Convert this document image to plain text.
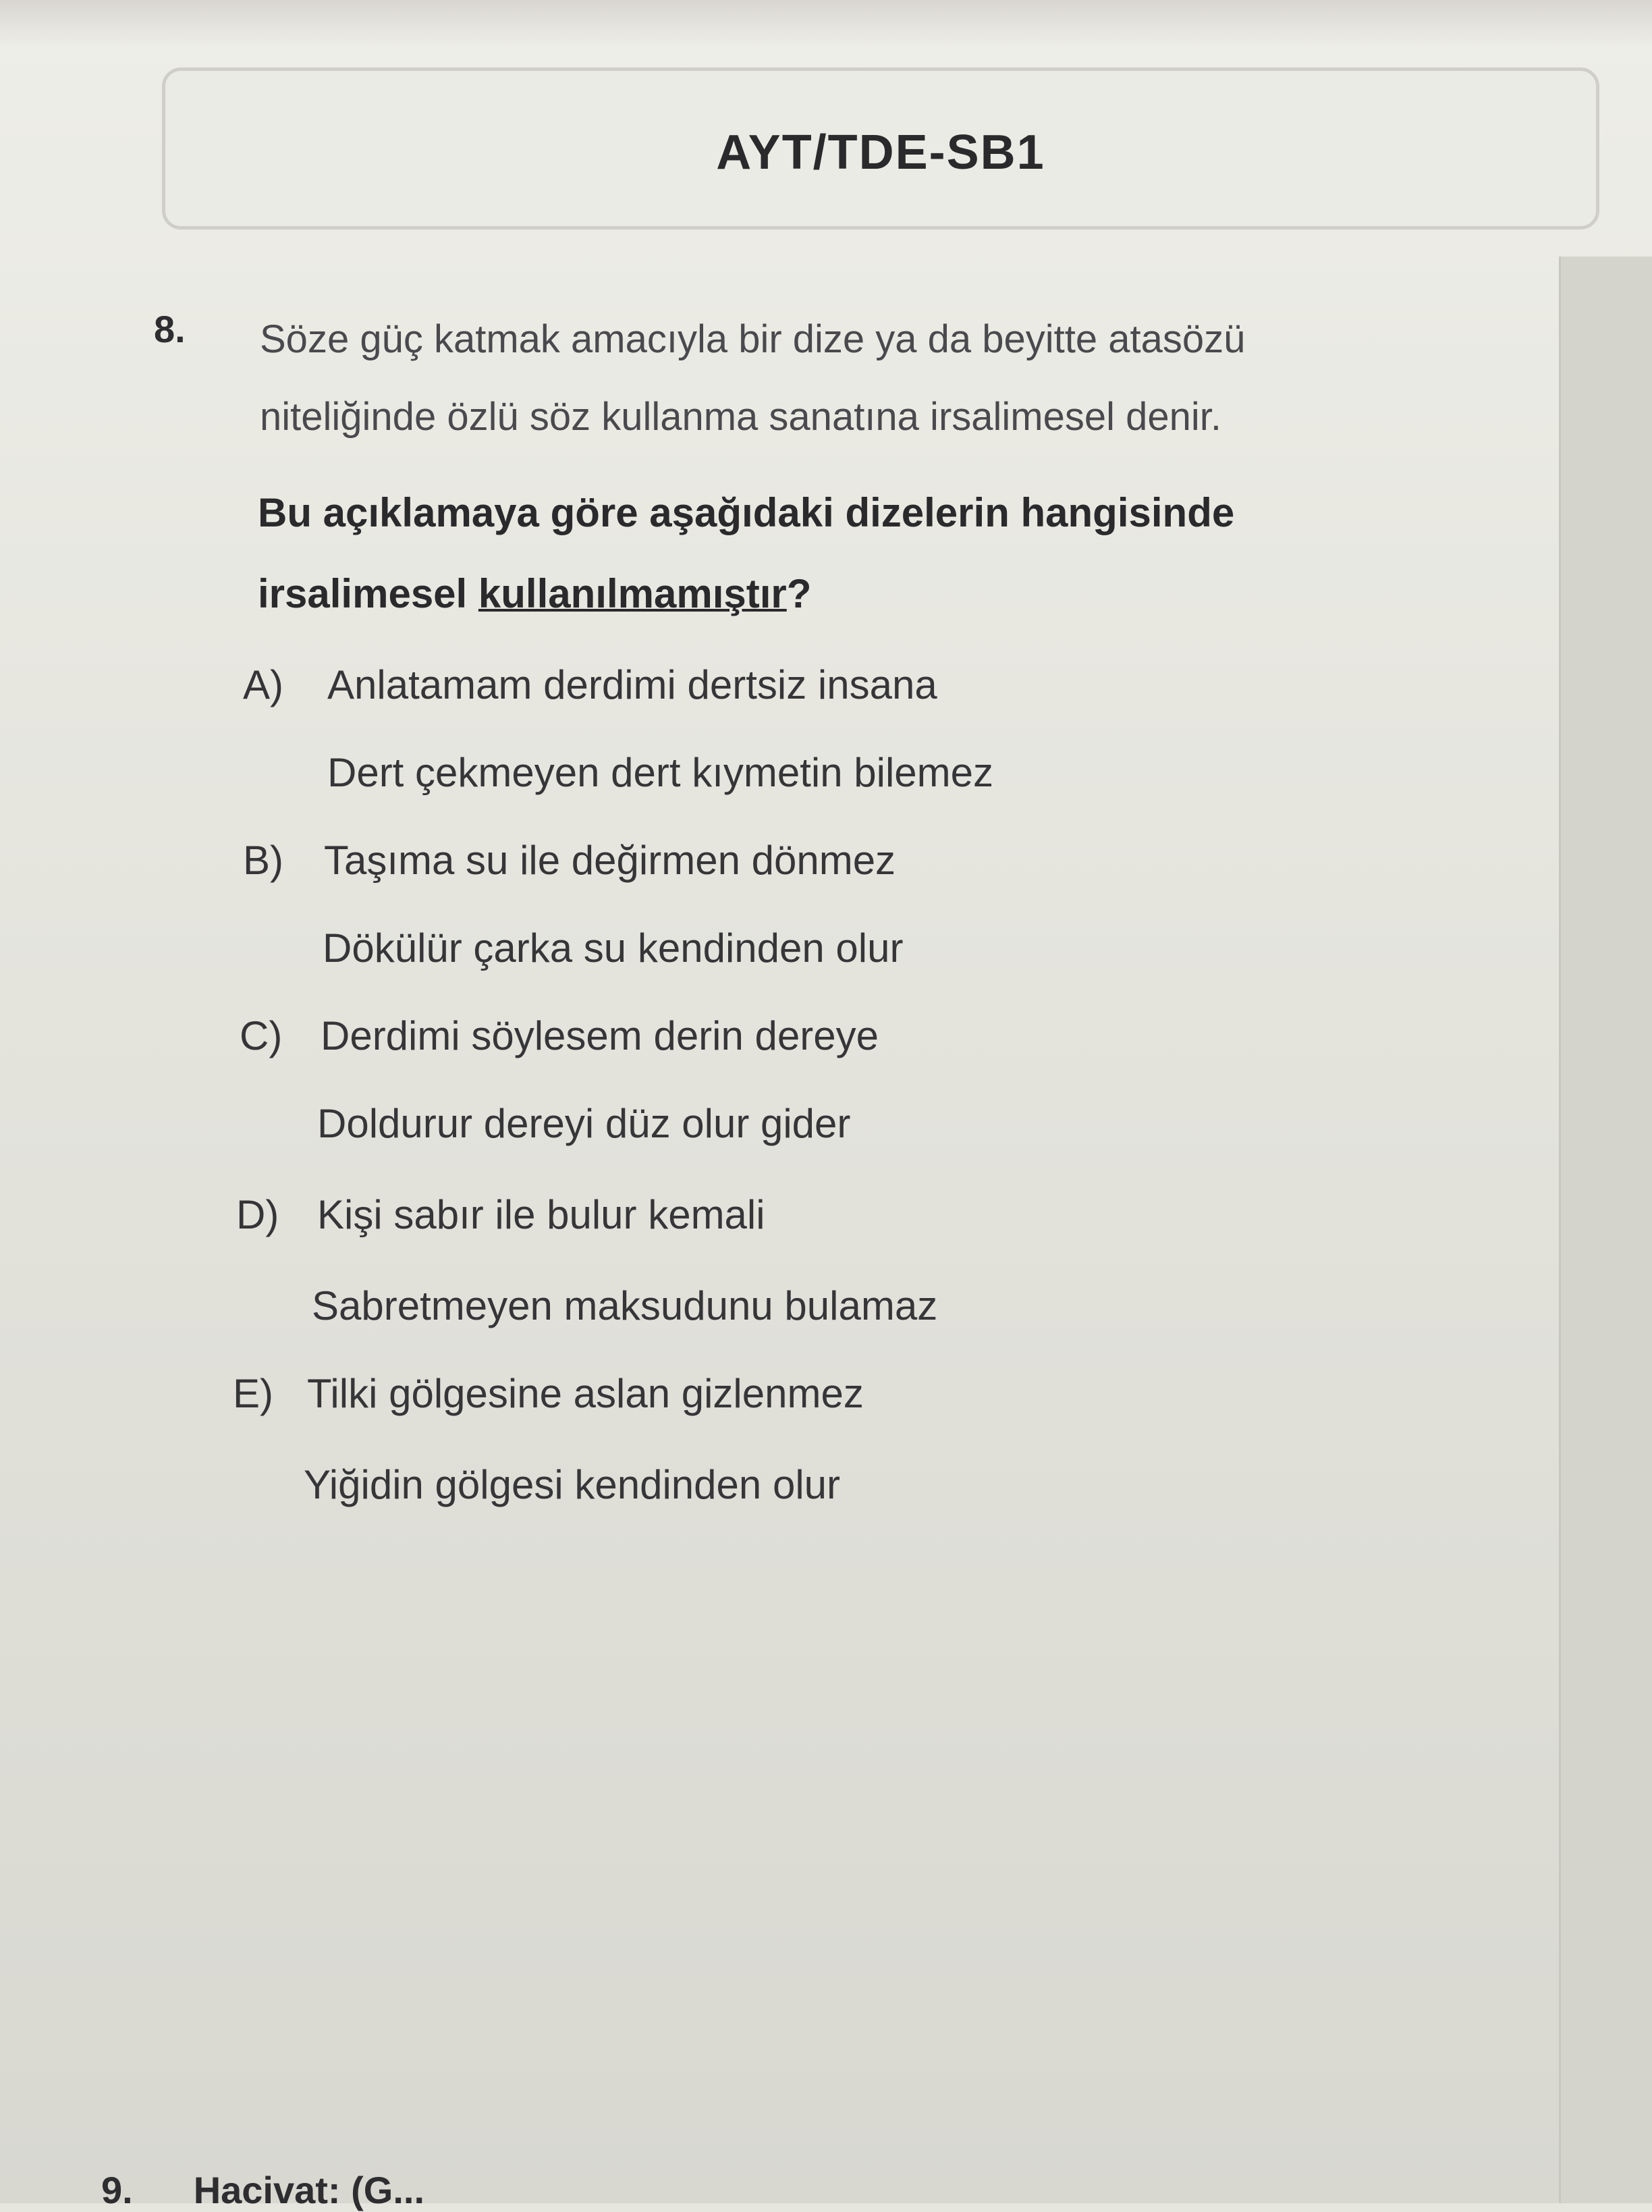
AYT/TDE-SB1
8. Söze güç katmak amacıyla bir dize ya da beyitte atasözü
niteliğinde özlü söz kullanma sanatına irsalimesel denir.
Bu açıklamaya göre aşağıdaki dizelerin hangisinde
irsalimesel kullanılmamıştır?
A) Anlatamam derdimi dertsiz insana
Dert çekmeyen dert kıymetin bilemez
B) Taşıma su ile değirmen dönmez
Dökülür çarka su kendinden olur
C) Derdimi söylesem derin dereye
Doldurur dereyi düz olur gider
D) Kişi sabır ile bulur kemali
Sabretmeyen maksudunu bulamaz
E) Tilki gölgesine aslan gizlenmez
Yiğidin gölgesi kendinden olur
9. Hacivat: (G...
